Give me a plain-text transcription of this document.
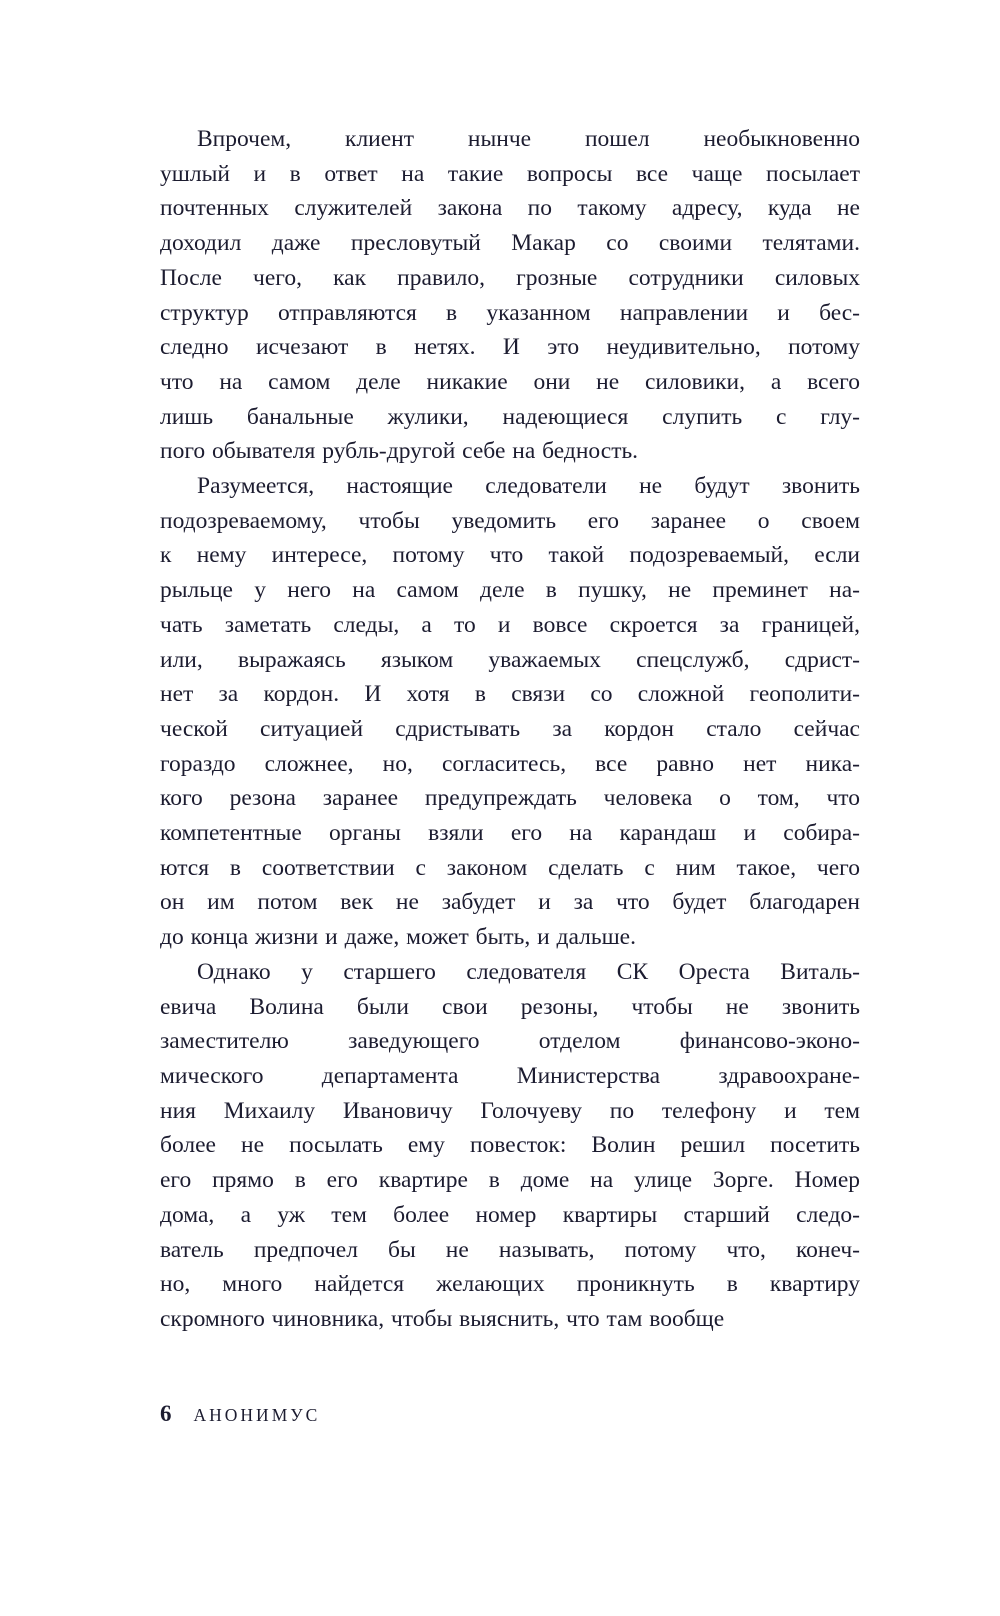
Впрочем, клиент нынче пошел необыкновенно
ушлый и в ответ на такие вопросы все чаще посылает
почтенных служителей закона по такому адресу, куда не
доходил даже пресловутый Макар со своими телятами.
После чего, как правило, грозные сотрудники силовых
структур отправляются в указанном направлении и бес-
следно исчезают в нетях. И это неудивительно, потому
что на самом деле никакие они не силовики, а всего
лишь банальные жулики, надеющиеся слупить с глу-
пого обывателя рубль-другой себе на бедность.
Разумеется, настоящие следователи не будут звонить
подозреваемому, чтобы уведомить его заранее о своем
к нему интересе, потому что такой подозреваемый, если
рыльце у него на самом деле в пушку, не преминет на-
чать заметать следы, а то и вовсе скроется за границей,
или, выражаясь языком уважаемых спецслужб, сдрист-
нет за кордон. И хотя в связи со сложной геополити-
ческой ситуацией сдристывать за кордон стало сейчас
гораздо сложнее, но, согласитесь, все равно нет ника-
кого резона заранее предупреждать человека о том, что
компетентные органы взяли его на карандаш и собира-
ются в соответствии с законом сделать с ним такое, чего
он им потом век не забудет и за что будет благодарен
до конца жизни и даже, может быть, и дальше.
Однако у старшего следователя СК Ореста Виталь-
евича Волина были свои резоны, чтобы не звонить
заместителю заведующего отделом финансово-эконо-
мического департамента Министерства здравоохране-
ния Михаилу Ивановичу Голочуеву по телефону и тем
более не посылать ему повесток: Волин решил посетить
его прямо в его квартире в доме на улице Зорге. Номер
дома, а уж тем более номер квартиры старший следо-
ватель предпочел бы не называть, потому что, конеч-
но, много найдется желающих проникнуть в квартиру
скромного чиновника, чтобы выяснить, что там вообще
6 АНОНИМУС
